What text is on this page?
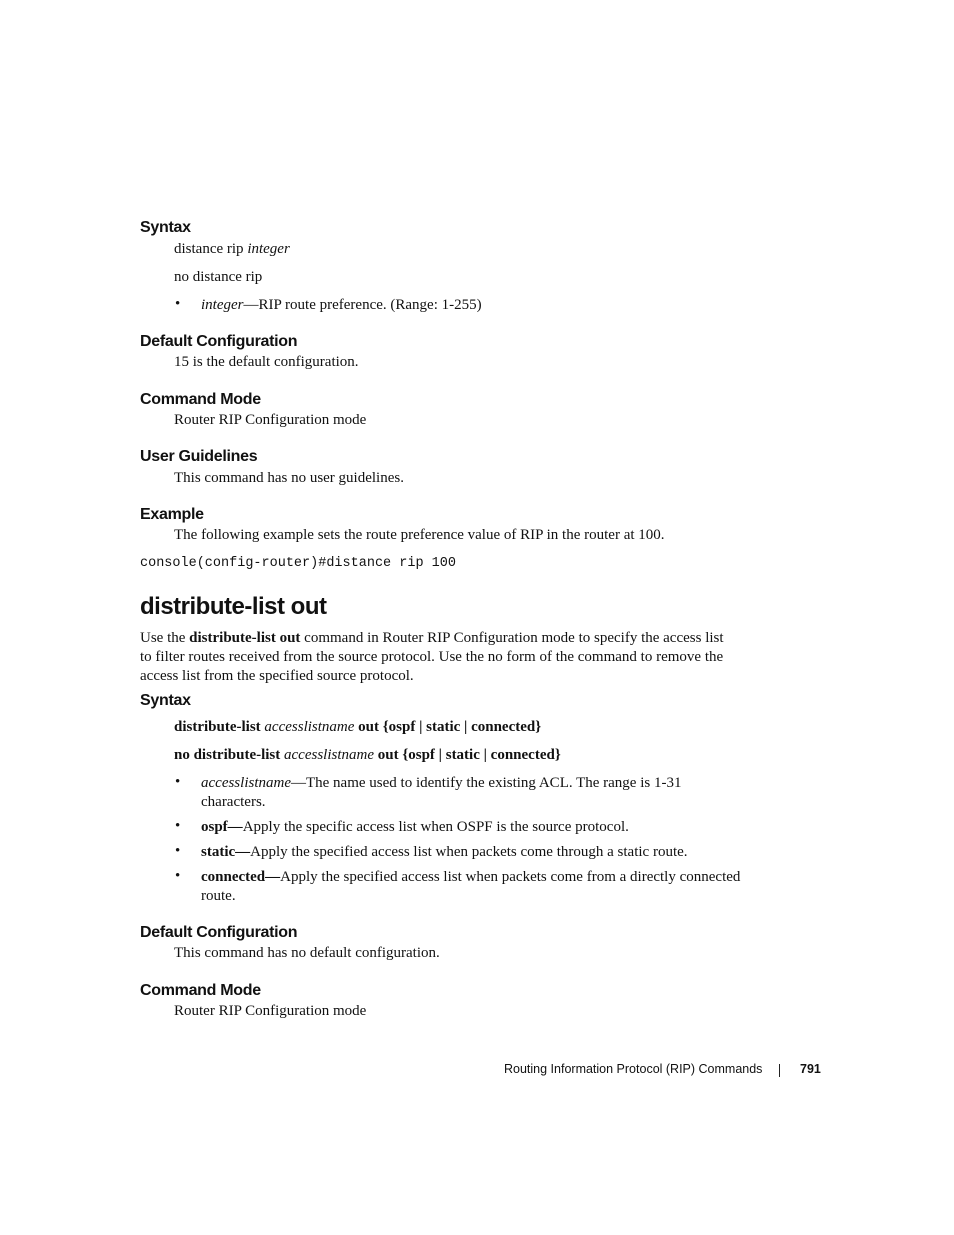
Syntax
distance rip integer
no distance rip
• integer—RIP route preference. (Range: 1-255)
Default Configuration
15 is the default configuration.
Command Mode
Router RIP Configuration mode
User Guidelines
This command has no user guidelines.
Example
The following example sets the route preference value of RIP in the router at 100.
console(config-router)#distance rip 100
distribute-list out
Use the distribute-list out command in Router RIP Configuration mode to specify the access list
to filter routes received from the source protocol. Use the no form of the command to remove the
access list from the specified source protocol.
Syntax
distribute-list accesslistname out {ospf | static | connected}
no distribute-list accesslistname out {ospf | static | connected}
• accesslistname—The name used to identify the existing ACL. The range is 1-31
characters.
• ospf—Apply the specific access list when OSPF is the source protocol.
• static—Apply the specified access list when packets come through a static route.
• connected—Apply the specified access list when packets come from a directly connected
route.
Default Configuration
This command has no default configuration.
Command Mode
Router RIP Configuration mode
Routing Information Protocol (RIP) Commands	791
